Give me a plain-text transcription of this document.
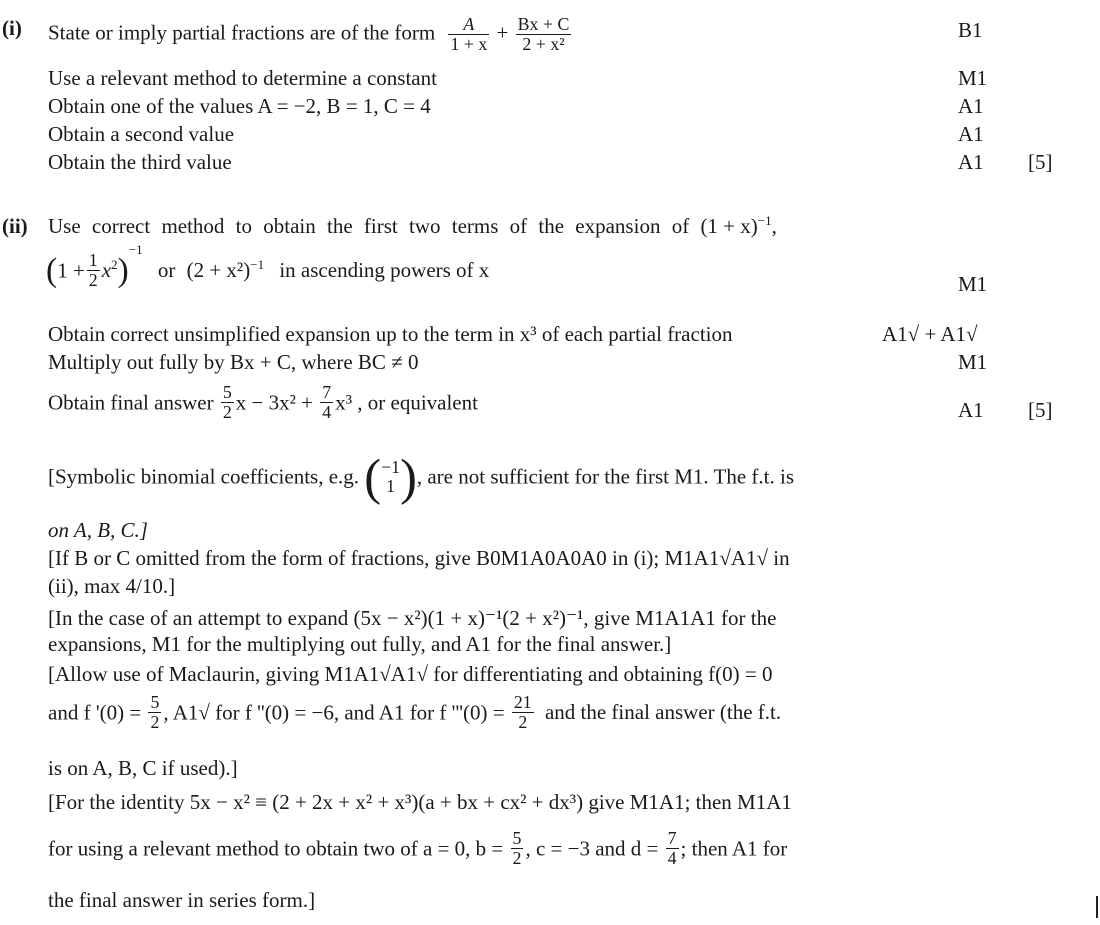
(i) State or imply partial fractions are of the form $\frac{A}{1 + x} + \frac{Bx + C}{\text{2 + x²}}$	B1
Use a relevant method to determine a constant	M1
Obtain one of the values A = −2, B = 1, C = 4	A1
Obtain a second value	A1
Obtain the third value	A1	[5]
(ii) Use correct method to obtain the first two terms of the expansion of $(1 + x)^{-1}$,
$(1 + \frac{1}{2} x^2)^{-1}$ or $(2 + x^2)^{-1}$ in ascending powers of x
M1
Obtain correct unsimplified expansion up to the term in x³ of each partial fraction	A1√ + A1√
Multiply out fully by Bx + C, where BC ≠ 0	M1
Obtain final answer $\frac{5}{2}$ $x - 3x^2 + \frac{7}{4} x^3$ , or equivalent	A1	[5]
[Symbolic binomial coefficients, e.g. ( −1
1 ), are not sufficient for the first M1. The f.t. is
on A, B, C.]
[If B or C omitted from the form of fractions, give B0M1A0A0A0 in (i); M1A1√A1√ in
(ii), max 4/10.]
[In the case of an attempt to expand (5x − x²)(1 + x)⁻¹(2 + x²)⁻¹, give M1A1A1 for the
expansions, M1 for the multiplying out fully, and A1 for the final answer.]
[Allow use of Maclaurin, giving M1A1√A1√ for differentiating and obtaining f(0) = 0
and f '$(0) = \frac{5}{2}$ , A1√ for f ''(0) = −6, and A1 for f '''$(0) = \frac{21}{2}$ and the final answer (the f.t.
is on A, B, C if used).]
[For the identity 5x − x² ≡ (2 + 2x + x² + x³)(a + bx + cx² + dx³) give M1A1; then M1A1
for using a relevant method to obtain two of a = 0, $b = \frac{5}{2}$ , c = −3 and $d = \frac{7}{4}$ ; then A1 for
the final answer in series form.]
